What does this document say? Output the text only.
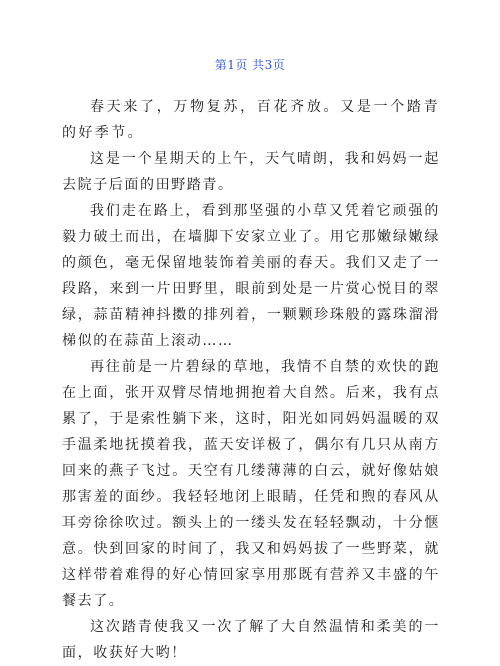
第1页 共3页

春天来了，万物复苏，百花齐放。又是一个踏青的好季节。

这是一个星期天的上午，天气晴朗，我和妈妈一起去院子后面的田野踏青。

我们走在路上，看到那坚强的小草又凭着它顽强的毅力破土而出，在墙脚下安家立业了。用它那嫩绿嫩绿的颜色，毫无保留地装饰着美丽的春天。我们又走了一段路，来到一片田野里，眼前到处是一片赏心悦目的翠绿，蒜苗精神抖擞的排列着，一颗颗珍珠般的露珠溜滑梯似的在蒜苗上滚动……

再往前是一片碧绿的草地，我情不自禁的欢快的跑在上面，张开双臂尽情地拥抱着大自然。后来，我有点累了，于是索性躺下来，这时，阳光如同妈妈温暖的双手温柔地抚摸着我，蓝天安详极了，偶尔有几只从南方回来的燕子飞过。天空有几缕薄薄的白云，就好像姑娘那害羞的面纱。我轻轻地闭上眼睛，任凭和煦的春风从耳旁徐徐吹过。额头上的一缕头发在轻轻飘动，十分惬意。快到回家的时间了，我又和妈妈拔了一些野菜，就这样带着难得的好心情回家享用那既有营养又丰盛的午餐去了。

这次踏青使我又一次了解了大自然温情和柔美的一面，收获好大哟！
